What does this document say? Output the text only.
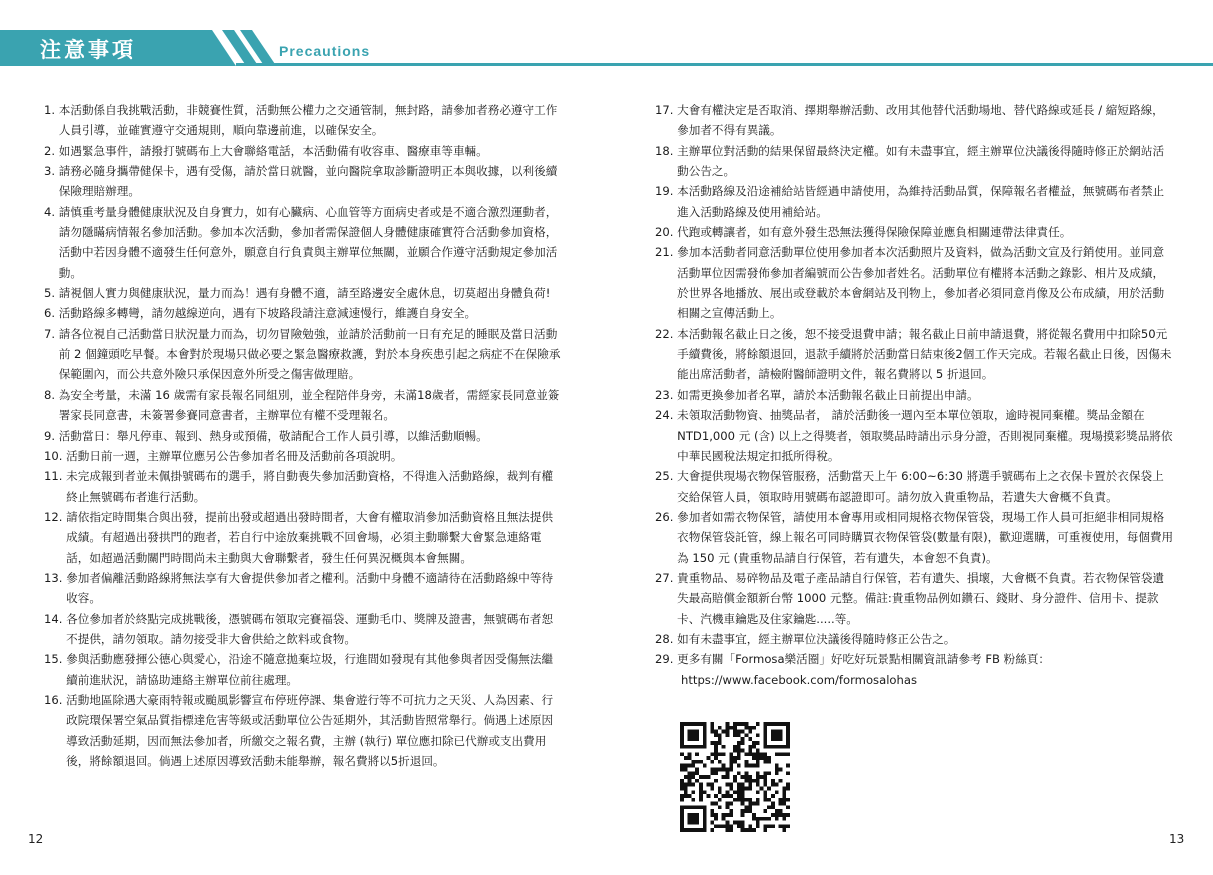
注意事項	Precautions
1.
本活動係自我挑戰活動，非競賽性質，活動無公權力之交通管制，無封路，請參加者務必遵守工作人員引導，並確實遵守交通規則，順向靠邊前進，以確保安全。
2.
如遇緊急事件，請撥打號碼布上大會聯絡電話，本活動備有收容車、醫療車等車輛。
3.
請務必隨身攜帶健保卡，遇有受傷，請於當日就醫，並向醫院拿取診斷證明正本與收據，以利後續保險理賠辦理。
4.
請慎重考量身體健康狀況及自身實力，如有心臟病、心血管等方面病史者或是不適合激烈運動者，請勿隱瞞病情報名參加活動。參加本次活動，參加者需保證個人身體健康確實符合活動參加資格，活動中若因身體不適發生任何意外，願意自行負責與主辦單位無關，並願合作遵守活動規定參加活動。
5.
請視個人實力與健康狀況，量力而為！遇有身體不適，請至路邊安全處休息，切莫超出身體負荷!
6.
活動路線多轉彎，請勿越線逆向，遇有下坡路段請注意減速慢行，維護自身安全。
7.
請各位視自己活動當日狀況量力而為，切勿冒險勉強，並請於活動前一日有充足的睡眠及當日活動前 2 個鐘頭吃早餐。本會對於現場只做必要之緊急醫療救護，對於本身疾患引起之病症不在保險承保範圍內，而公共意外險只承保因意外所受之傷害做理賠。
8.
為安全考量，未滿 16 歲需有家長報名同組別，並全程陪伴身旁，未滿18歲者，需經家長同意並簽署家長同意書，未簽署參賽同意書者，主辦單位有權不受理報名。
9.
活動當日：舉凡停車、報到、熱身或預備，敬請配合工作人員引導，以維活動順暢。
10.
活動日前一週，主辦單位應另公告參加者名冊及活動前各項說明。
11.
未完成報到者並未佩掛號碼布的選手，將自動喪失參加活動資格，不得進入活動路線，裁判有權終止無號碼布者進行活動。
12.
請依指定時間集合與出發，提前出發或超過出發時間者，大會有權取消參加活動資格且無法提供成績。有超過出發拱門的跑者，若自行中途放棄挑戰不回會場，必須主動聯繫大會緊急連絡電話，如超過活動關門時間尚未主動與大會聯繫者，發生任何異況概與本會無關。
13.
參加者偏離活動路線將無法享有大會提供參加者之權利。活動中身體不適請待在活動路線中等待收容。
14.
各位參加者於終點完成挑戰後，憑號碼布領取完賽福袋、運動毛巾、獎牌及證書，無號碼布者恕不提供，請勿領取。請勿接受非大會供給之飲料或食物。
15.
參與活動應發揮公德心與愛心，沿途不隨意拋棄垃圾，行進間如發現有其他參與者因受傷無法繼續前進狀況，請協助連絡主辦單位前往處理。
16.
活動地區除遇大豪雨特報或颱風影響宣布停班停課、集會遊行等不可抗力之天災、人為因素、行政院環保署空氣品質指標達危害等級或活動單位公告延期外，其活動皆照常舉行。倘遇上述原因導致活動延期，因而無法參加者，所繳交之報名費，主辦 (執行) 單位應扣除已代辦或支出費用後，將餘額退回。倘遇上述原因導致活動未能舉辦，報名費將以5折退回。
17.
大會有權決定是否取消、擇期舉辦活動、改用其他替代活動場地、替代路線或延長 / 縮短路線，參加者不得有異議。
18.
主辦單位對活動的結果保留最終決定權。如有未盡事宜，經主辦單位決議後得隨時修正於網站活動公告之。
19.
本活動路線及沿途補給站皆經過申請使用，為維持活動品質，保障報名者權益，無號碼布者禁止進入活動路線及使用補給站。
20.
代跑或轉讓者，如有意外發生恐無法獲得保險保障並應負相關連帶法律責任。
21.
參加本活動者同意活動單位使用參加者本次活動照片及資料，做為活動文宣及行銷使用。並同意活動單位因需發佈參加者編號而公告參加者姓名。活動單位有權將本活動之錄影、相片及成績，於世界各地播放、展出或登載於本會網站及刊物上，參加者必須同意肖像及公布成績，用於活動相關之宣傳活動上。
22.
本活動報名截止日之後，恕不接受退費申請；報名截止日前申請退費，將從報名費用中扣除50元手續費後，將餘額退回，退款手續將於活動當日結束後2個工作天完成。若報名截止日後，因傷未能出席活動者，請檢附醫師證明文件，報名費將以 5 折退回。
23.
如需更換參加者名單，請於本活動報名截止日前提出申請。
24.
未領取活動物資、抽獎品者， 請於活動後一週內至本單位領取，逾時視同棄權。獎品金額在 NTD1,000 元 (含) 以上之得獎者，領取獎品時請出示身分證，否則視同棄權。現場摸彩獎品將依中華民國稅法規定扣抵所得稅。
25.
大會提供現場衣物保管服務，活動當天上午 6:00~6:30 將選手號碼布上之衣保卡置於衣保袋上交給保管人員，領取時用號碼布認證即可。請勿放入貴重物品，若遺失大會概不負責。
26.
參加者如需衣物保管，請使用本會專用或相同規格衣物保管袋，現場工作人員可拒絕非相同規格衣物保管袋託管，線上報名可同時購買衣物保管袋(數量有限)，歡迎選購，可重複使用，每個費用為 150 元 (貴重物品請自行保管，若有遺失，本會恕不負責)。
27.
貴重物品、易碎物品及電子產品請自行保管，若有遺失、損壞，大會概不負責。若衣物保管袋遺失最高賠償金額新台幣 1000 元整。備註:貴重物品例如鑽石、錢財、身分證件、信用卡、提款卡、汽機車鑰匙及住家鑰匙.....等。
28.
如有未盡事宜，經主辦單位決議後得隨時修正公告之。
29.
更多有關「Formosa樂活圈」好吃好玩景點相關資訊請參考 FB 粉絲頁：
https://www.facebook.com/formosalohas
12	13
